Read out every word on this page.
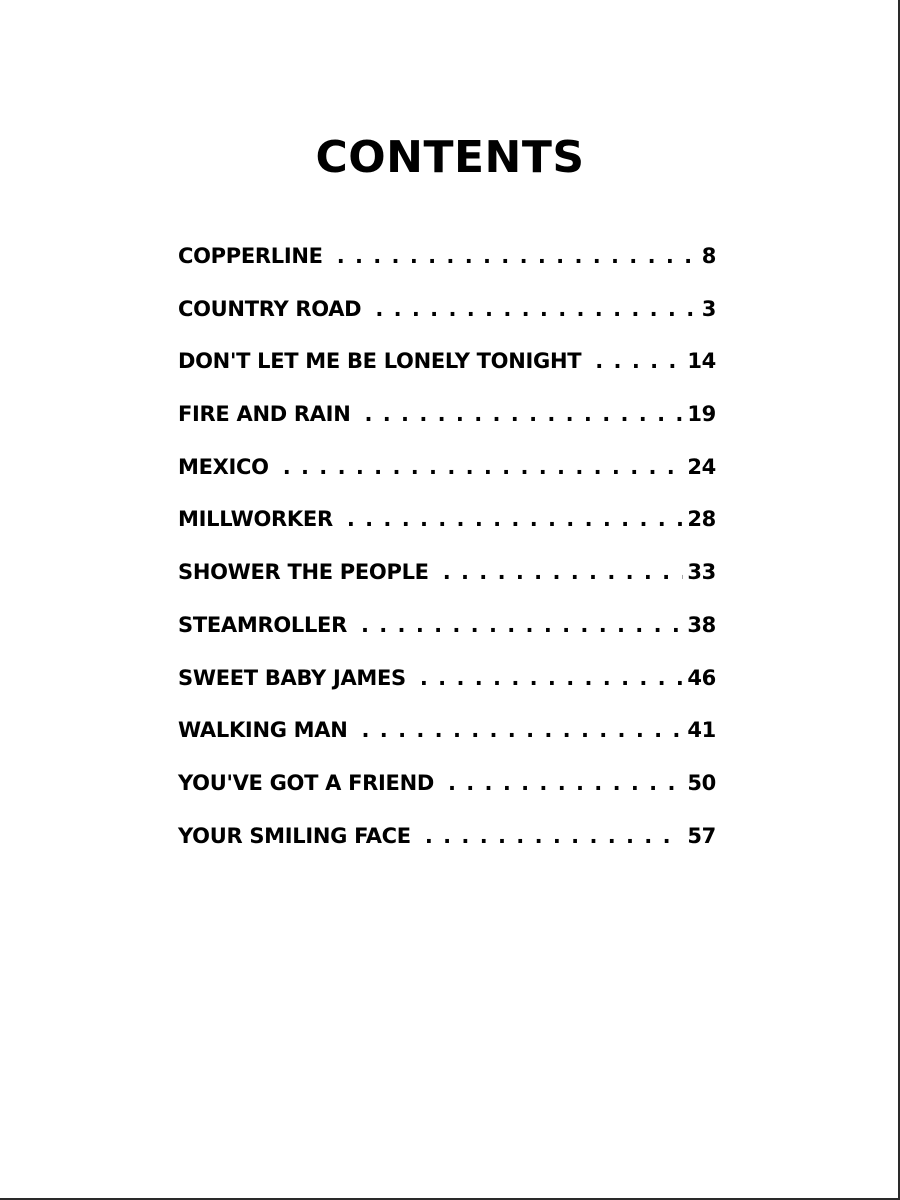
CONTENTS
COPPERLINE . . .	8
COUNTRY ROAD . . .	3
DON'T LET ME BE LONELY TONIGHT . . .	14
FIRE AND RAIN . . .	19
MEXICO . . .	24
MILLWORKER . . .	28
SHOWER THE PEOPLE . . .	33
STEAMROLLER . . .	38
SWEET BABY JAMES . . .	46
WALKING MAN . . .	41
YOU'VE GOT A FRIEND . . .	50
YOUR SMILING FACE . . .	57
